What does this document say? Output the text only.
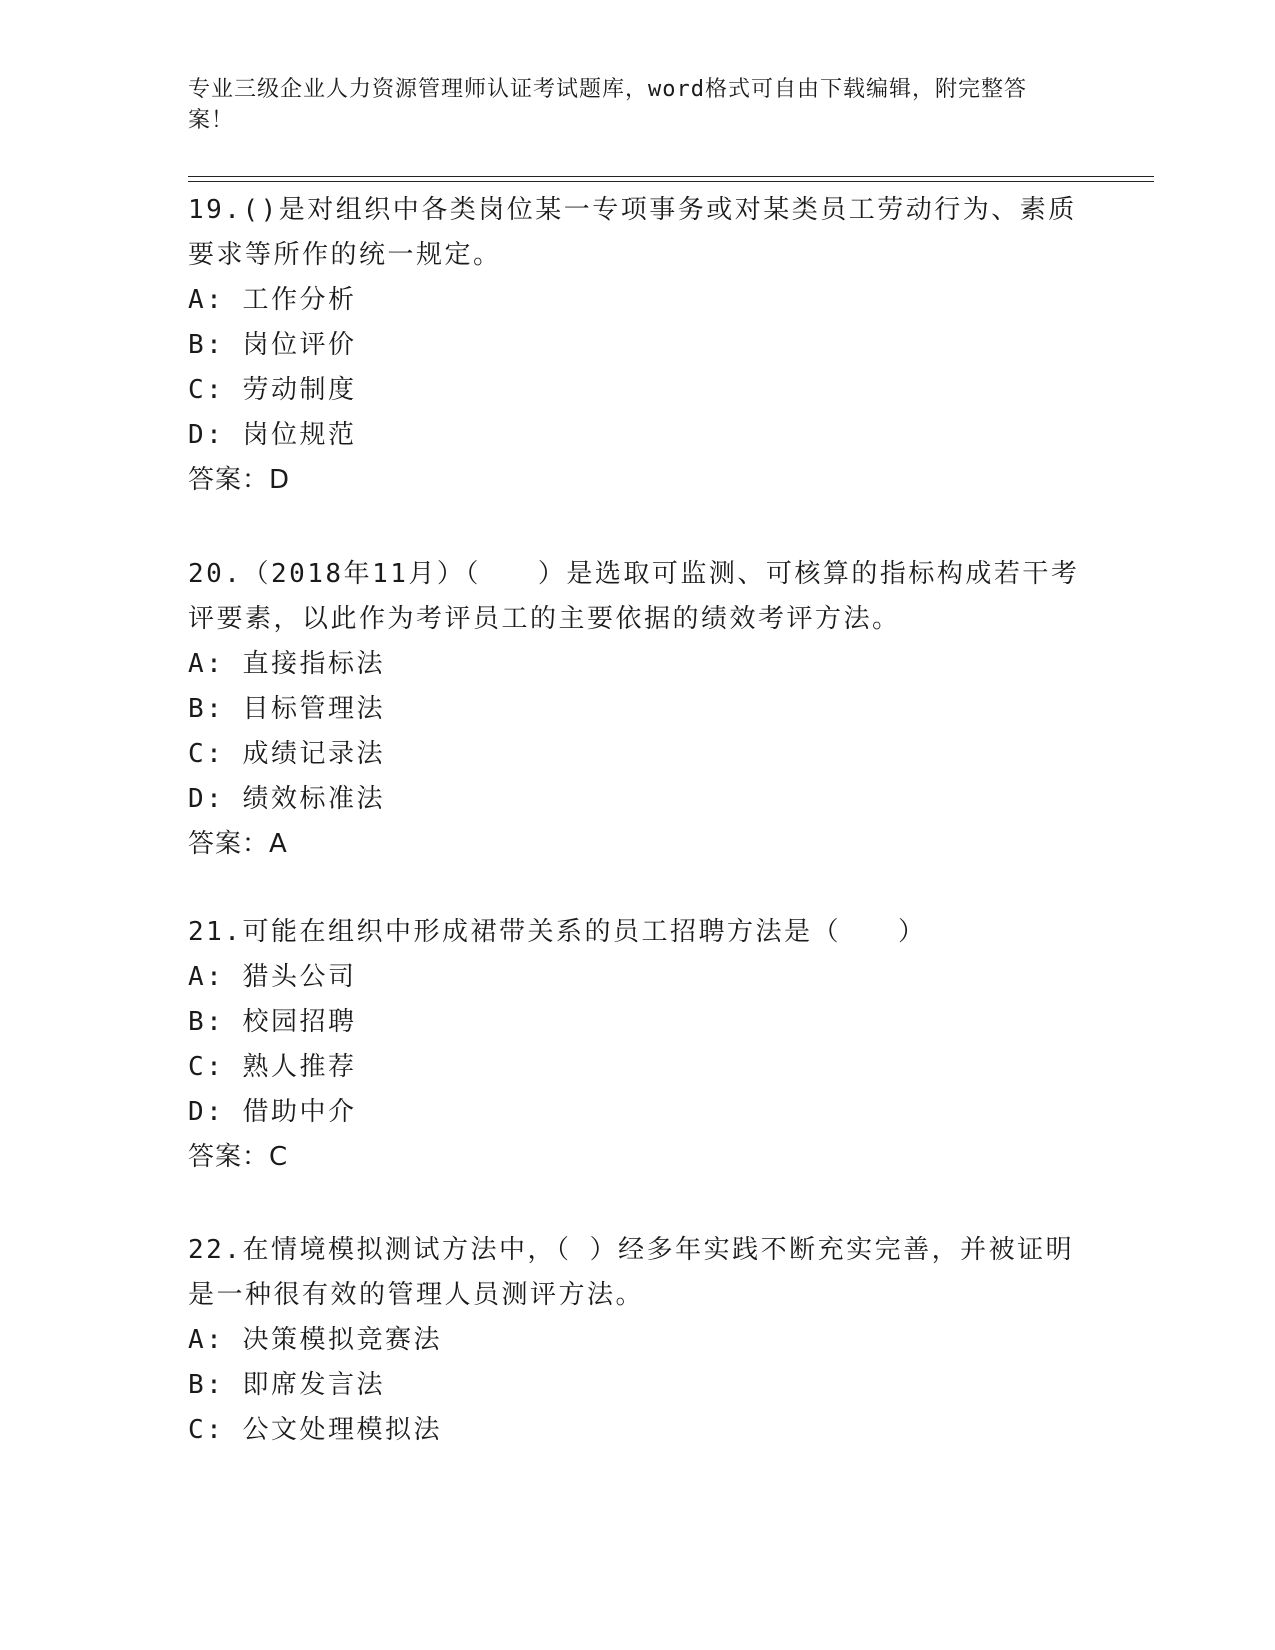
专业三级企业人力资源管理师认证考试题库，word格式可自由下载编辑，附完整答案！
19.()是对组织中各类岗位某一专项事务或对某类员工劳动行为、素质要求等所作的统一规定。
A: 工作分析
B: 岗位评价
C: 劳动制度
D: 岗位规范
答案：D
20.（2018年11月）（　　）是选取可监测、可核算的指标构成若干考评要素，以此作为考评员工的主要依据的绩效考评方法。
A: 直接指标法
B: 目标管理法
C: 成绩记录法
D: 绩效标准法
答案：A
21.可能在组织中形成裙带关系的员工招聘方法是（　　）
A: 猎头公司
B: 校园招聘
C: 熟人推荐
D: 借助中介
答案：C
22.在情境模拟测试方法中，（ ）经多年实践不断充实完善，并被证明是一种很有效的管理人员测评方法。
A: 决策模拟竞赛法
B: 即席发言法
C: 公文处理模拟法
